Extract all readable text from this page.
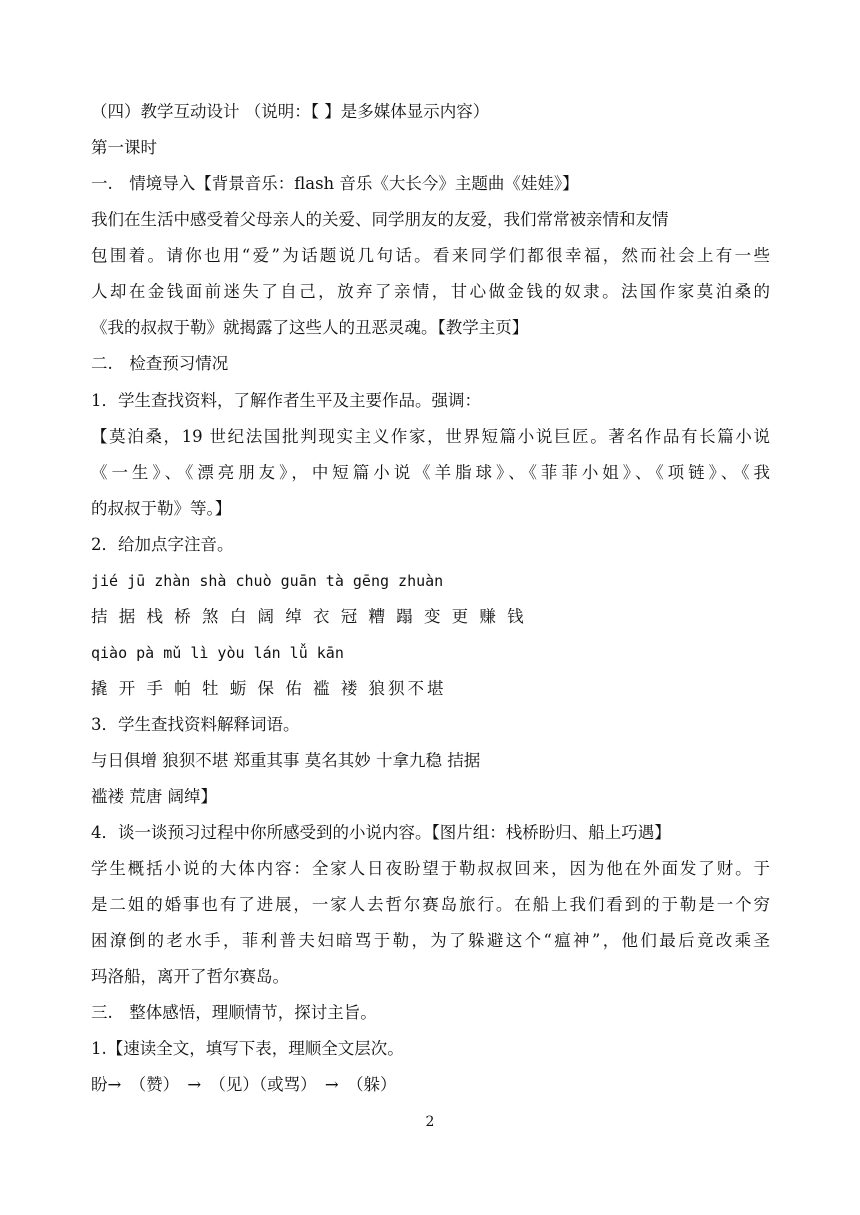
（四）教学互动设计 （说明：【 】是多媒体显示内容）
第一课时
一.　情境导入【背景音乐：flash 音乐《大长今》主题曲《娃娃》】
我们在生活中感受着父母亲人的关爱、同学朋友的友爱，我们常常被亲情和友情
包围着。请你也用“爱”为话题说几句话。看来同学们都很幸福，然而社会上有一些
人却在金钱面前迷失了自己，放弃了亲情，甘心做金钱的奴隶。法国作家莫泊桑的
《我的叔叔于勒》就揭露了这些人的丑恶灵魂。【教学主页】
二.　检查预习情况
1．学生查找资料，了解作者生平及主要作品。强调：
【莫泊桑，19 世纪法国批判现实主义作家，世界短篇小说巨匠。著名作品有长篇小说
《一生》、《漂亮朋友》，中短篇小说《羊脂球》、《菲菲小姐》、《项链》、《我
的叔叔于勒》等。】
2．给加点字注音。
jié jū zhàn shà chuò guān tà gēng zhuàn
拮 据 栈 桥 煞 白 阔 绰 衣 冠 糟 蹋 变 更 赚 钱
qiào pà mǔ lì yòu lán lǚ kān
撬 开 手 帕 牡 蛎 保 佑 褴 褛 狼狈不堪
3．学生查找资料解释词语。
与日俱增 狼狈不堪 郑重其事 莫名其妙 十拿九稳 拮据
褴褛 荒唐 阔绰】
4．谈一谈预习过程中你所感受到的小说内容。【图片组：栈桥盼归、船上巧遇】
学生概括小说的大体内容：全家人日夜盼望于勒叔叔回来，因为他在外面发了财。于
是二姐的婚事也有了进展，一家人去哲尔赛岛旅行。在船上我们看到的于勒是一个穷
困潦倒的老水手，菲利普夫妇暗骂于勒，为了躲避这个“瘟神”，他们最后竟改乘圣
玛洛船，离开了哲尔赛岛。
三.　整体感悟，理顺情节，探讨主旨。
1.【速读全文，填写下表，理顺全文层次。
盼→　（赞）　→　（见）（或骂）　→　（躲）
2
